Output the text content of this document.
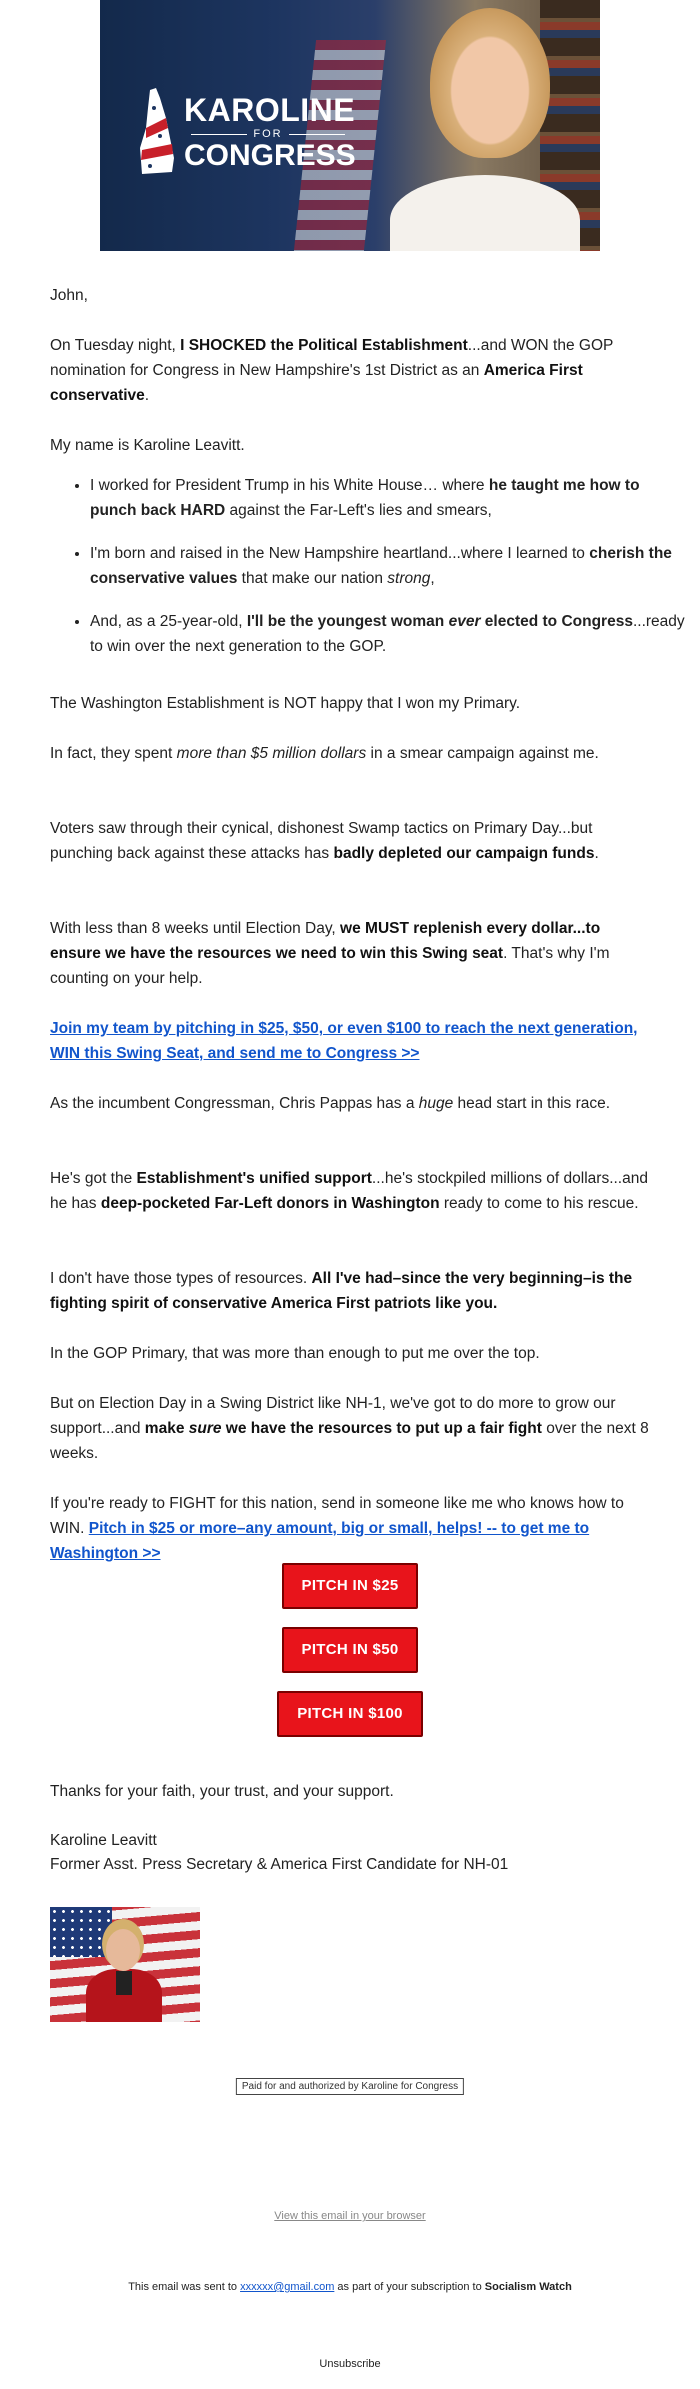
KAROLINE
FOR
CONGRESS

John,

On Tuesday night, I SHOCKED the Political Establishment...and WON the GOP nomination for Congress in New Hampshire's 1st District as an America First conservative.

My name is Karoline Leavitt.

• I worked for President Trump in his White House… where he taught me how to punch back HARD against the Far-Left's lies and smears,
• I'm born and raised in the New Hampshire heartland...where I learned to cherish the conservative values that make our nation strong,
• And, as a 25-year-old, I'll be the youngest woman ever elected to Congress...ready to win over the next generation to the GOP.

The Washington Establishment is NOT happy that I won my Primary.

In fact, they spent more than $5 million dollars in a smear campaign against me.

Voters saw through their cynical, dishonest Swamp tactics on Primary Day...but punching back against these attacks has badly depleted our campaign funds.

With less than 8 weeks until Election Day, we MUST replenish every dollar...to ensure we have the resources we need to win this Swing seat. That's why I'm counting on your help.

Join my team by pitching in $25, $50, or even $100 to reach the next generation, WIN this Swing Seat, and send me to Congress >>

As the incumbent Congressman, Chris Pappas has a huge head start in this race.

He's got the Establishment's unified support...he's stockpiled millions of dollars...and he has deep-pocketed Far-Left donors in Washington ready to come to his rescue.

I don't have those types of resources. All I've had–since the very beginning–is the fighting spirit of conservative America First patriots like you.

In the GOP Primary, that was more than enough to put me over the top.

But on Election Day in a Swing District like NH-1, we've got to do more to grow our support...and make sure we have the resources to put up a fair fight over the next 8 weeks.

If you're ready to FIGHT for this nation, send in someone like me who knows how to WIN. Pitch in $25 or more–any amount, big or small, helps! -- to get me to Washington >>

PITCH IN $25
PITCH IN $50
PITCH IN $100

Thanks for your faith, your trust, and your support.

Karoline Leavitt
Former Asst. Press Secretary & America First Candidate for NH-01
Paid for and authorized by Karoline for Congress
View this email in your browser
This email was sent to xxxxxx@gmail.com as part of your subscription to Socialism Watch
Unsubscribe
